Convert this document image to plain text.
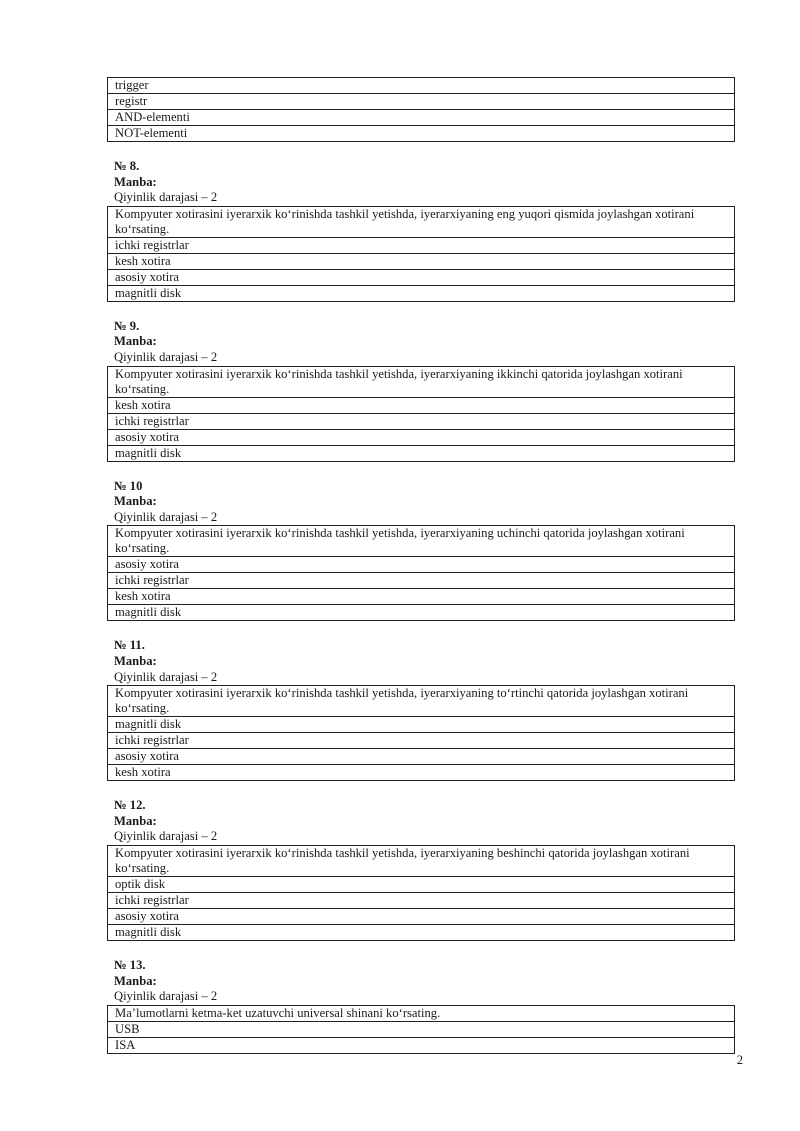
trigger
registr
AND-elementi
NOT-elementi
№ 8.
Manba:
Qiyinlik darajasi – 2
Kompyuter xotirasini iyerarxik ko‘rinishda tashkil yetishda, iyerarxiyaning eng yuqori qismida joylashgan xotirani ko‘rsating.
ichki registrlar
kesh xotira
asosiy xotira
magnitli disk
№ 9.
Manba:
Qiyinlik darajasi – 2
Kompyuter xotirasini iyerarxik ko‘rinishda tashkil yetishda, iyerarxiyaning ikkinchi qatorida joylashgan xotirani ko‘rsating.
kesh xotira
ichki registrlar
asosiy xotira
magnitli disk
№ 10
Manba:
Qiyinlik darajasi – 2
Kompyuter xotirasini iyerarxik ko‘rinishda tashkil yetishda, iyerarxiyaning uchinchi qatorida joylashgan xotirani ko‘rsating.
asosiy xotira
ichki registrlar
kesh xotira
magnitli disk
№ 11.
Manba:
Qiyinlik darajasi – 2
Kompyuter xotirasini iyerarxik ko‘rinishda tashkil yetishda, iyerarxiyaning to‘rtinchi qatorida joylashgan xotirani ko‘rsating.
magnitli disk
ichki registrlar
asosiy xotira
kesh xotira
№ 12.
Manba:
Qiyinlik darajasi – 2
Kompyuter xotirasini iyerarxik ko‘rinishda tashkil yetishda, iyerarxiyaning beshinchi qatorida joylashgan xotirani ko‘rsating.
optik disk
ichki registrlar
asosiy xotira
magnitli disk
№ 13.
Manba:
Qiyinlik darajasi – 2
Ma’lumotlarni ketma-ket uzatuvchi universal shinani ko‘rsating.
USB
ISA
2
